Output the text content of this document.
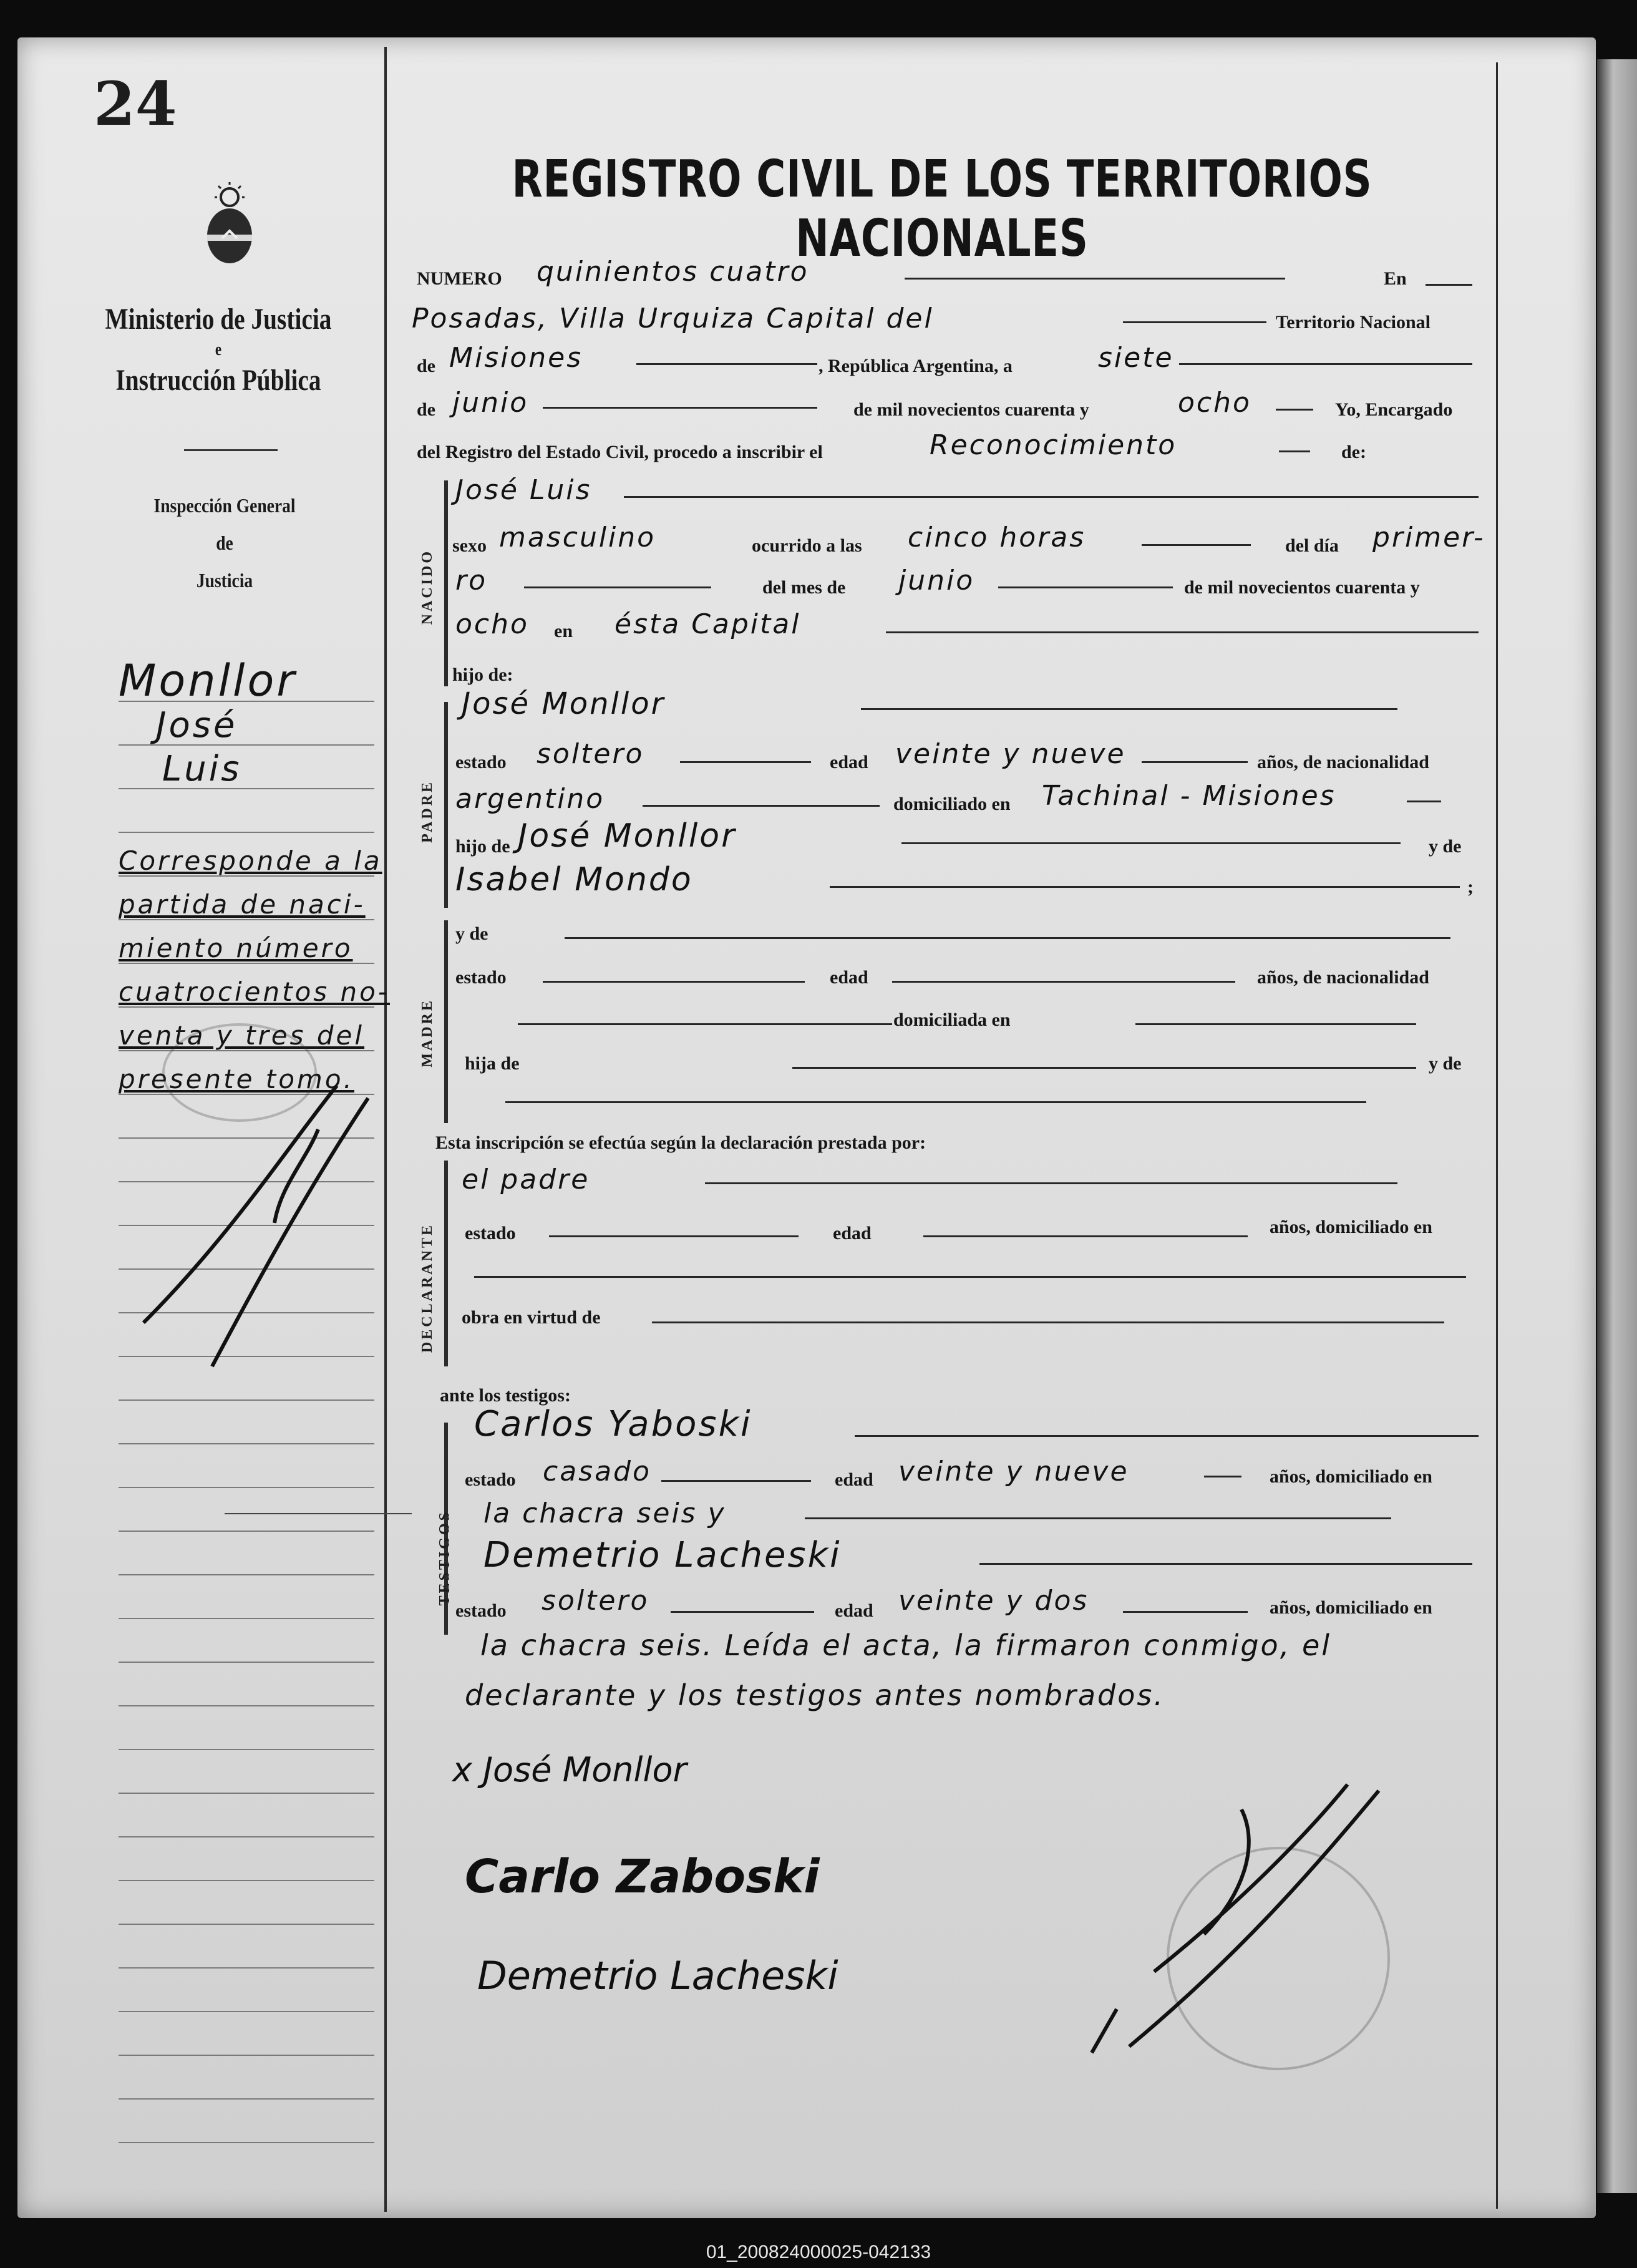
24
Ministerio de Justicia
e
Instrucción Pública
Inspección General
de
Justicia
Monllor
José
Luis
Corresponde a la
partida de naci-
miento número
cuatrocientos no-
venta y tres del
presente tomo.
REGISTRO CIVIL DE LOS TERRITORIOS NACIONALES
NUMERO quinientos cuatro	En
Posadas, Villa Urquiza Capital del	Territorio Nacional
de Misiones	, República Argentina, a	siete
de junio	de mil novecientos cuarenta y	ocho	Yo, Encargado
del Registro del Estado Civil, procedo a inscribir el	Reconocimiento	de:
NACIDO
José Luis
sexo masculino	ocurrido a las cinco horas	del día primer-
ro	del mes de junio	de mil novecientos cuarenta y
ocho en ésta Capital
hijo de:
PADRE
José Monllor
estado soltero	edad veinte y nueve	años, de nacionalidad
argentino	domiciliado en Tachinal - Misiones
hijo de José Monllor	y de
Isabel Mondo	;
MADRE
y de
estado	edad	años, de nacionalidad
domiciliada en
hija de	y de
Esta inscripción se efectúa según la declaración prestada por:
DECLARANTE
el padre
estado	edad	años, domiciliado en
obra en virtud de
ante los testigos:
TESTIGOS
Carlos Yaboski
estado casado	edad veinte y nueve	años, domiciliado en
la chacra seis y
Demetrio Lacheski
estado soltero	edad veinte y dos	años, domiciliado en
la chacra seis. Leída el acta, la firmaron conmigo, el
declarante y los testigos antes nombrados.
x José Monllor
Carlo Zaboski
Demetrio Lacheski
01_200824000025-042133
